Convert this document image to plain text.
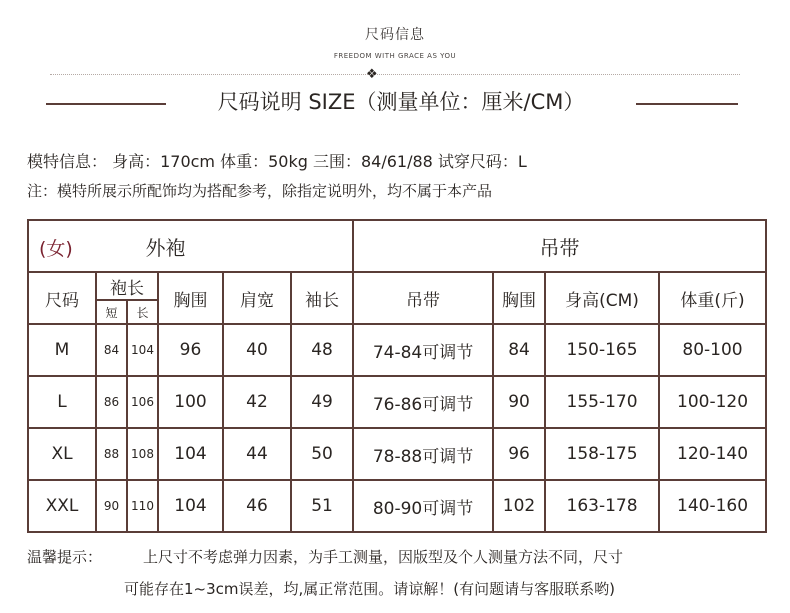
尺码信息
FREEDOM WITH GRACE AS YOU
❖
尺码说明 SIZE（测量单位：厘米/CM）
模特信息： 身高：170cm 体重：50kg 三围：84/61/88 试穿尺码：L
注：模特所展示所配饰均为搭配参考，除指定说明外，均不属于本产品
(女) 外袍						吊带			
尺码	袍长		胸围	肩宽	袖长	吊带	胸围	身高(CM)	体重(斤)
	短	长							
M	84	104	96	40	48	74-84可调节	84	150-165	80-100
L	86	106	100	42	49	76-86可调节	90	155-170	100-120
XL	88	108	104	44	50	78-88可调节	96	158-175	120-140
XXL	90	110	104	46	51	80-90可调节	102	163-178	140-160
温馨提示：	上尺寸不考虑弹力因素，为手工测量，因版型及个人测量方法不同，尺寸
可能存在1~3cm误差，均,属正常范围。请谅解！(有问题请与客服联系哟)
